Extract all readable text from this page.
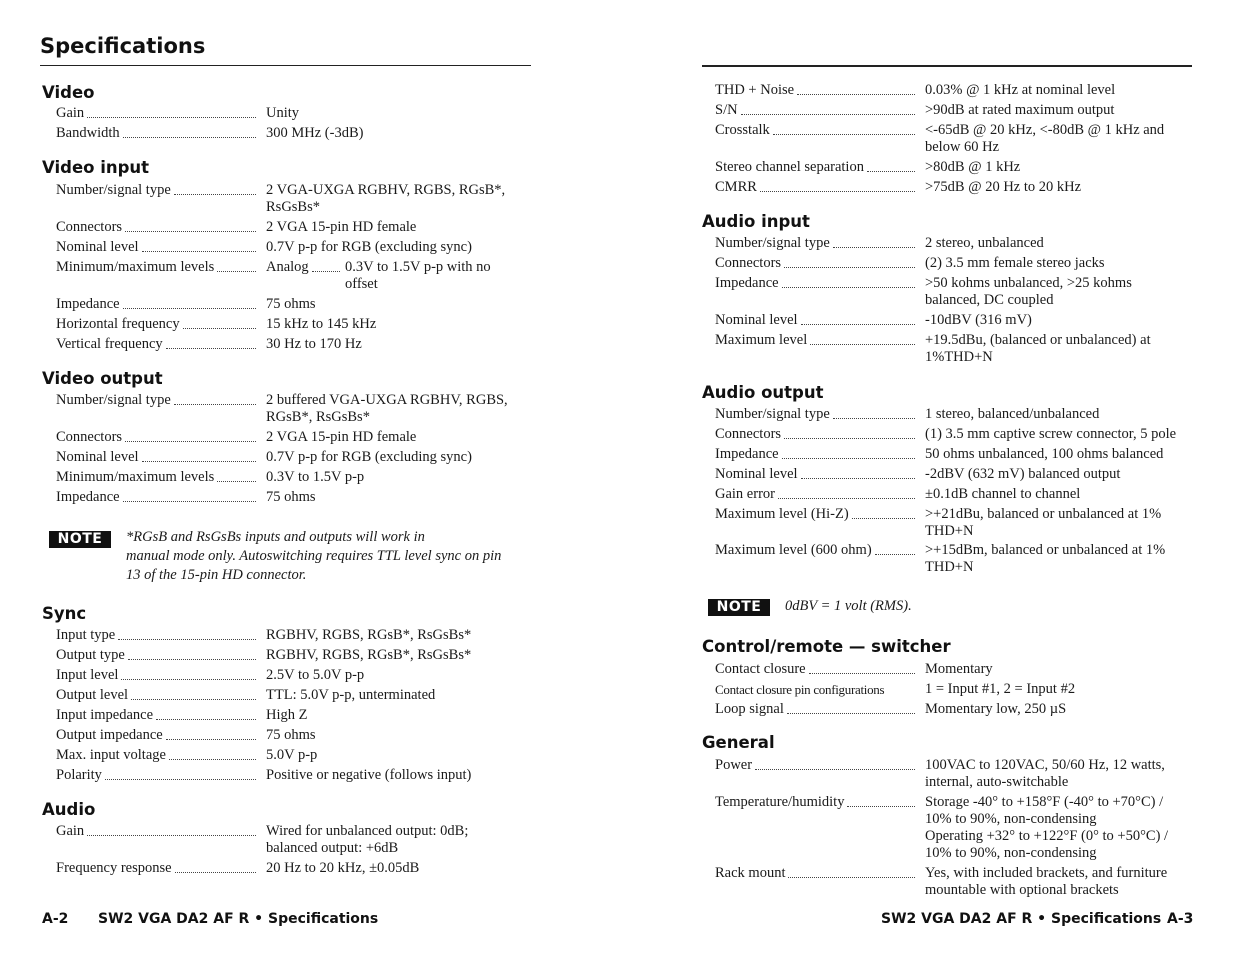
Specifications
Video
Gain	Unity
Bandwidth	300 MHz (-3dB)
Video input
Number/signal type	2 VGA-UXGA RGBHV, RGBS, RGsB*,
RsGsBs*
Connectors	2 VGA 15-pin HD female
Nominal level	0.7V p-p for RGB (excluding sync)
Minimum/maximum levels	Analog	0.3V to 1.5V p-p with no
offset
Impedance	75 ohms
Horizontal frequency	15 kHz to 145 kHz
Vertical frequency	30 Hz to 170 Hz
Video output
Number/signal type	2 buffered VGA-UXGA RGBHV, RGBS,
RGsB*, RsGsBs*
Connectors	2 VGA 15-pin HD female
Nominal level	0.7V p-p for RGB (excluding sync)
Minimum/maximum levels	0.3V to 1.5V p-p
Impedance	75 ohms
NOTE	*RGsB and RsGsBs inputs and outputs will work in
manual mode only. Autoswitching requires TTL level sync on pin
13 of the 15-pin HD connector.
Sync
Input type	RGBHV, RGBS, RGsB*, RsGsBs*
Output type	RGBHV, RGBS, RGsB*, RsGsBs*
Input level	2.5V to 5.0V p-p
Output level	TTL: 5.0V p-p, unterminated
Input impedance	High Z
Output impedance	75 ohms
Max. input voltage	5.0V p-p
Polarity	Positive or negative (follows input)
Audio
Gain	Wired for unbalanced output: 0dB;
balanced output: +6dB
Frequency response	20 Hz to 20 kHz, ±0.05dB
THD + Noise	0.03% @ 1 kHz at nominal level
S/N	>90dB at rated maximum output
Crosstalk	<-65dB @ 20 kHz, <-80dB @ 1 kHz and
below 60 Hz
Stereo channel separation	>80dB @ 1 kHz
CMRR	>75dB @ 20 Hz to 20 kHz
Audio input
Number/signal type	2 stereo, unbalanced
Connectors	(2) 3.5 mm female stereo jacks
Impedance	>50 kohms unbalanced, >25 kohms
balanced, DC coupled
Nominal level	-10dBV (316 mV)
Maximum level	+19.5dBu, (balanced or unbalanced) at
1%THD+N
Audio output
Number/signal type	1 stereo, balanced/unbalanced
Connectors	(1) 3.5 mm captive screw connector, 5 pole
Impedance	50 ohms unbalanced, 100 ohms balanced
Nominal level	-2dBV (632 mV) balanced output
Gain error	±0.1dB channel to channel
Maximum level (Hi-Z)	>+21dBu, balanced or unbalanced at 1%
THD+N
Maximum level (600 ohm)	>+15dBm, balanced or unbalanced at 1%
THD+N
NOTE	0dBV = 1 volt (RMS).
Control/remote — switcher
Contact closure	Momentary
Contact closure pin configurations	1 = Input #1, 2 = Input #2
Loop signal	Momentary low, 250 µS
General
Power	100VAC to 120VAC, 50/60 Hz, 12 watts,
internal, auto-switchable
Temperature/humidity	Storage -40° to +158°F (-40° to +70°C) /
10% to 90%, non-condensing
Operating +32° to +122°F (0° to +50°C) /
10% to 90%, non-condensing
Rack mount	Yes, with included brackets, and furniture
mountable with optional brackets
A-2 SW2 VGA DA2 AF R • Specifications	SW2 VGA DA2 AF R • Specifications A-3
